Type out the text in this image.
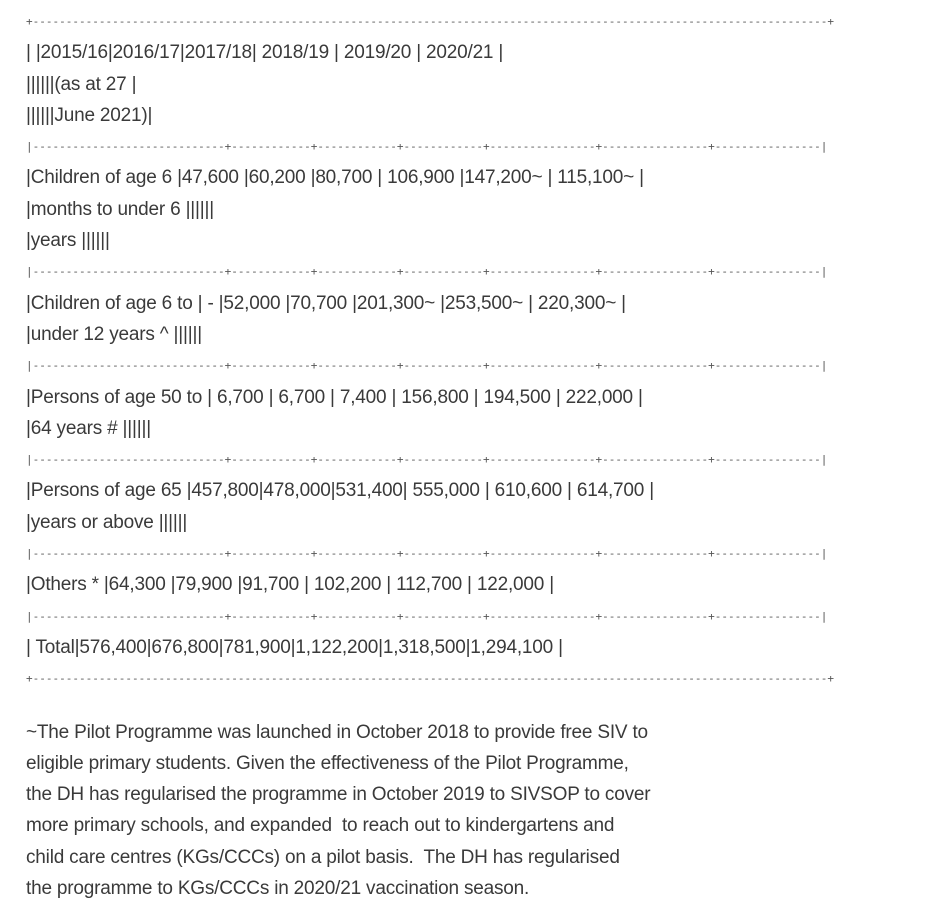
+------------------------------------------------------------------------------------------------------------------------+
| |2015/16|2016/17|2017/18| 2018/19 | 2019/20 | 2020/21 |
||||||(as at 27 |
||||||June 2021)|
|-----------------------------+------------+------------+------------+----------------+----------------+----------------|
|Children of age 6 |47,600 |60,200 |80,700 | 106,900 |147,200~ | 115,100~ |
|months to under 6 ||||||
|years ||||||
|-----------------------------+------------+------------+------------+----------------+----------------+----------------|
|Children of age 6 to | - |52,000 |70,700 |201,300~ |253,500~ | 220,300~ |
|under 12 years ^ ||||||
|-----------------------------+------------+------------+------------+----------------+----------------+----------------|
|Persons of age 50 to | 6,700 | 6,700 | 7,400 | 156,800 | 194,500 | 222,000 |
|64 years # ||||||
|-----------------------------+------------+------------+------------+----------------+----------------+----------------|
|Persons of age 65 |457,800|478,000|531,400| 555,000 | 610,600 | 614,700 |
|years or above ||||||
|-----------------------------+------------+------------+------------+----------------+----------------+----------------|
|Others * |64,300 |79,900 |91,700 | 102,200 | 112,700 | 122,000 |
|-----------------------------+------------+------------+------------+----------------+----------------+----------------|
| Total|576,400|676,800|781,900|1,122,200|1,318,500|1,294,100 |
+------------------------------------------------------------------------------------------------------------------------+
~The Pilot Programme was launched in October 2018 to provide free SIV to
eligible primary students. Given the effectiveness of the Pilot Programme,
the DH has regularised the programme in October 2019 to SIVSOP to cover
more primary schools, and expanded  to reach out to kindergartens and
child care centres (KGs/CCCs) on a pilot basis.  The DH has regularised
the programme to KGs/CCCs in 2020/21 vaccination season.
